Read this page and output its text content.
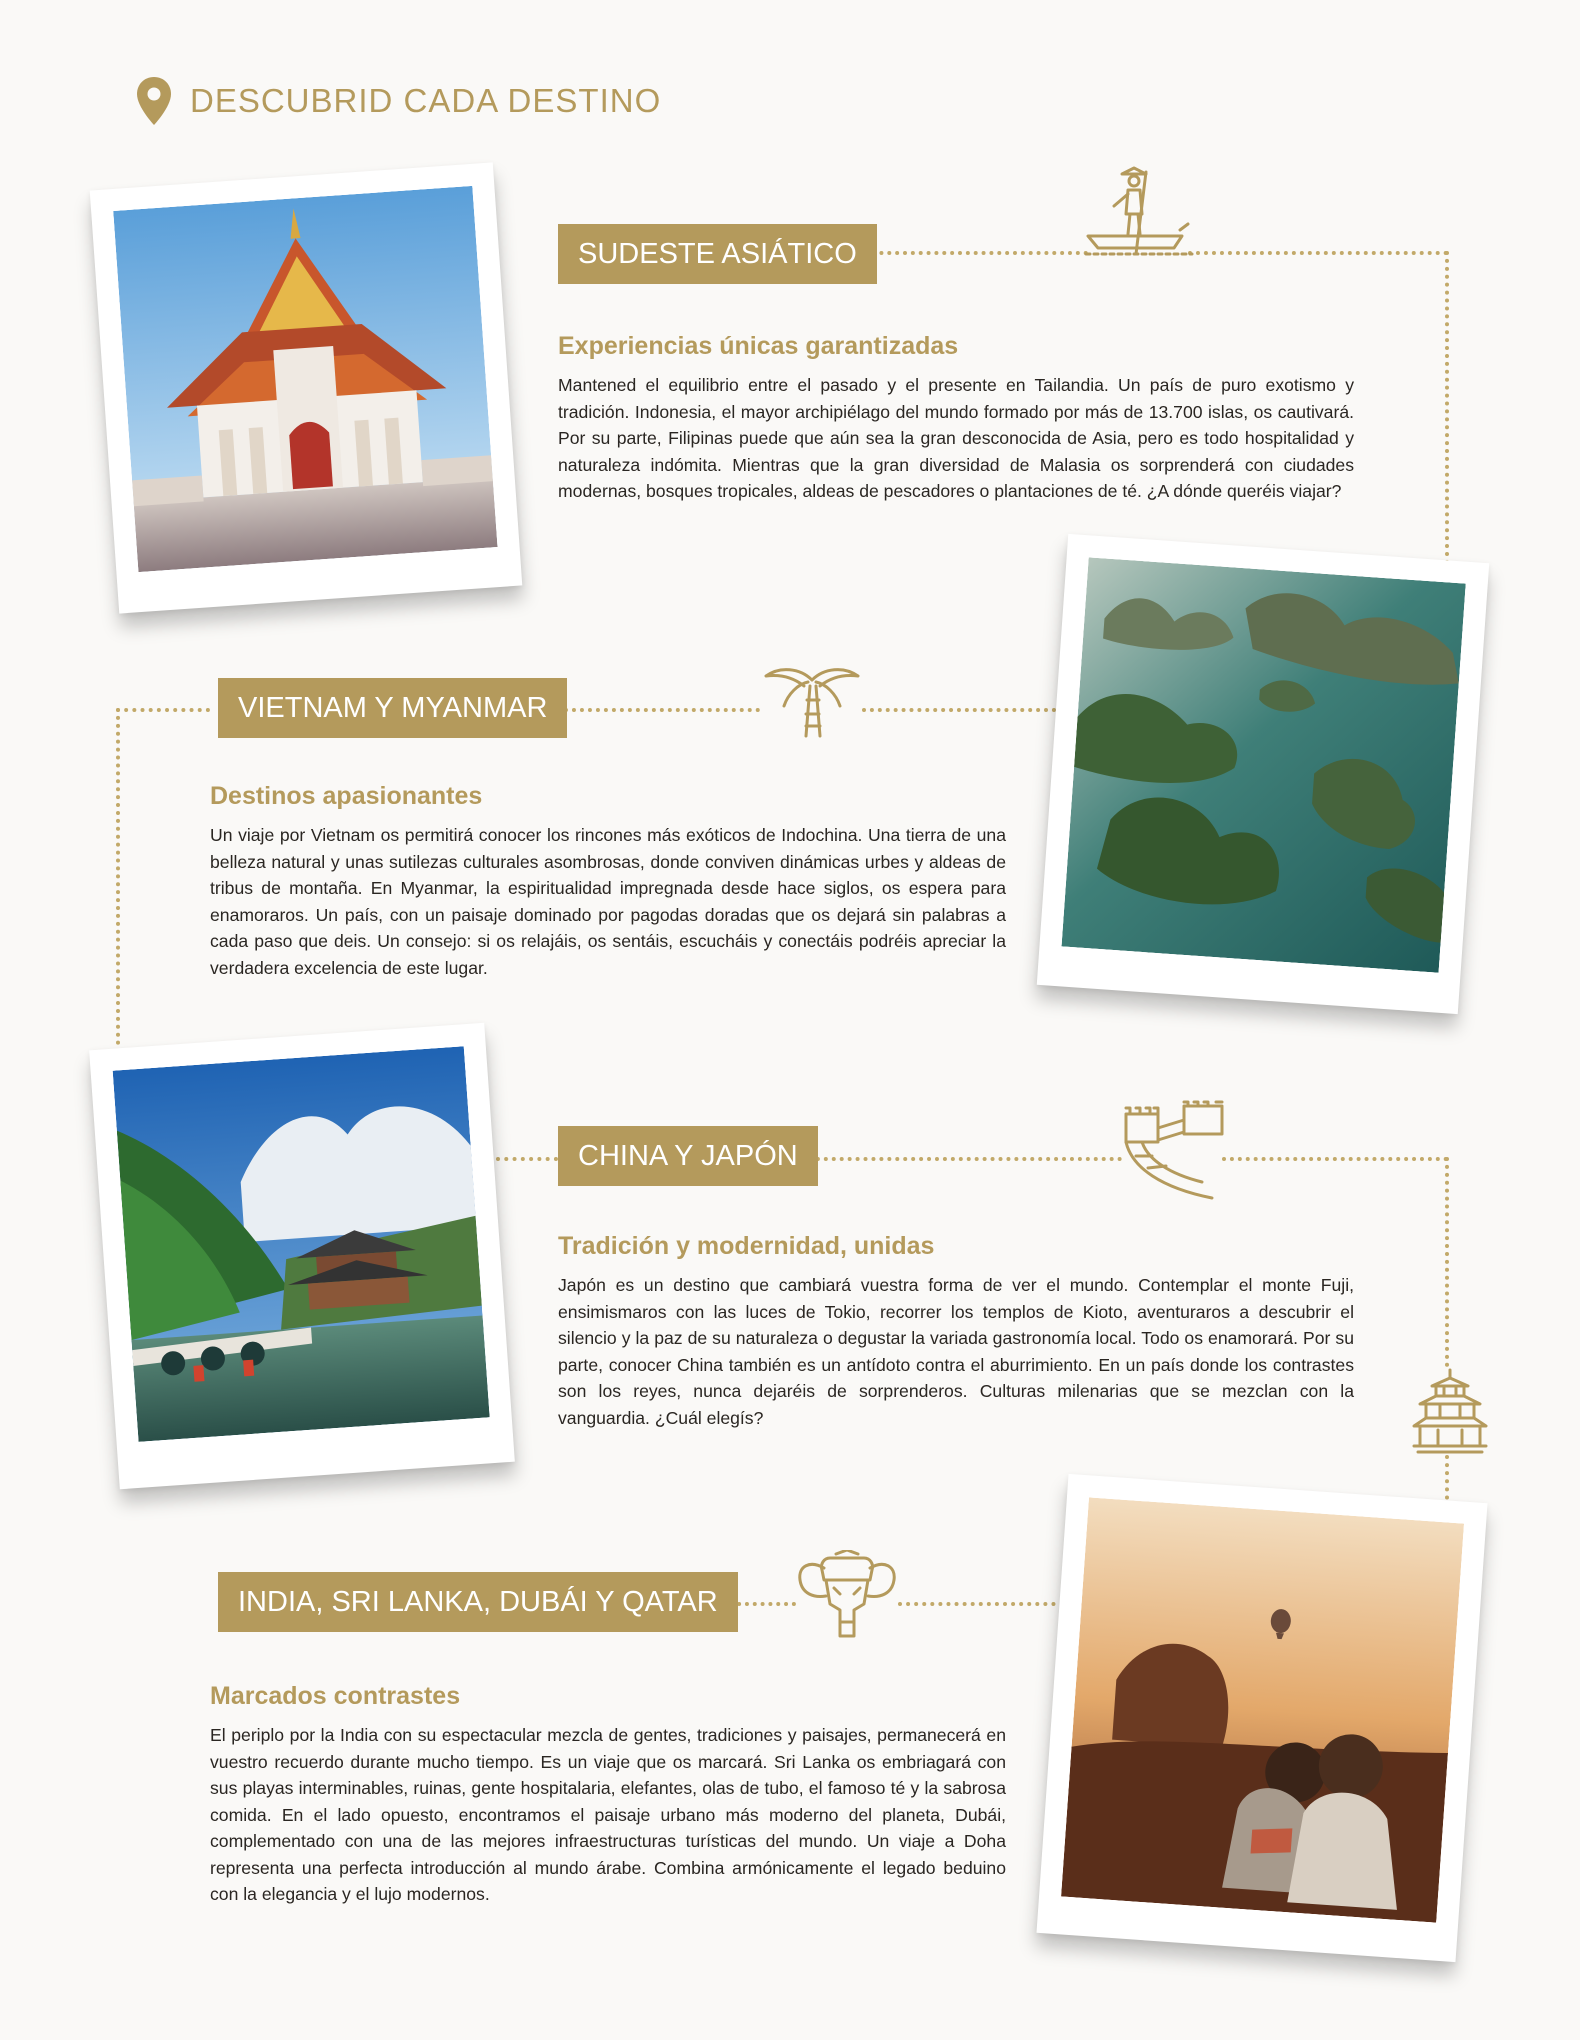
DESCUBRID CADA DESTINO
SUDESTE ASIÁTICO
Experiencias únicas garantizadas

Mantened el equilibrio entre el pasado y el presente en Tailandia. Un país de puro exotismo y tradición. Indonesia, el mayor archipiélago del mundo formado por más de 13.700 islas, os cautivará. Por su parte, Filipinas puede que aún sea la gran desconocida de Asia, pero es todo hospitalidad y naturaleza indómita. Mientras que la gran diversidad de Malasia os sorprenderá con ciudades modernas, bosques tropicales, aldeas de pescadores o plantaciones de té. ¿A dónde queréis viajar?

VIETNAM Y MYANMAR
Destinos apasionantes

Un viaje por Vietnam os permitirá conocer los rincones más exóticos de Indochina. Una tierra de una belleza natural y unas sutilezas culturales asombrosas, donde conviven dinámicas urbes y aldeas de tribus de montaña. En Myanmar, la espiritualidad impregnada desde hace siglos, os espera para enamoraros. Un país, con un paisaje dominado por pagodas doradas que os dejará sin palabras a cada paso que deis. Un consejo: si os relajáis, os sentáis, escucháis y conectáis podréis apreciar la verdadera excelencia de este lugar.

CHINA Y JAPÓN
Tradición y modernidad, unidas

Japón es un destino que cambiará vuestra forma de ver el mundo. Contemplar el monte Fuji, ensimismaros con las luces de Tokio, recorrer los templos de Kioto, aventuraros a descubrir el silencio y la paz de su naturaleza o degustar la variada gastronomía local. Todo os enamorará. Por su parte, conocer China también es un antídoto contra el aburrimiento. En un país donde los contrastes son los reyes, nunca dejaréis de sorprenderos. Culturas milenarias que se mezclan con la vanguardia. ¿Cuál elegís?

INDIA, SRI LANKA, DUBÁI Y QATAR
Marcados contrastes

El periplo por la India con su espectacular mezcla de gentes, tradiciones y paisajes, permanecerá en vuestro recuerdo durante mucho tiempo. Es un viaje que os marcará. Sri Lanka os embriagará con sus playas interminables, ruinas, gente hospitalaria, elefantes, olas de tubo, el famoso té y la sabrosa comida. En el lado opuesto, encontramos el paisaje urbano más moderno del planeta, Dubái, complementado con una de las mejores infraestructuras turísticas del mundo. Un viaje a Doha representa una perfecta introducción al mundo árabe. Combina armónicamente el legado beduino con la elegancia y el lujo modernos.
